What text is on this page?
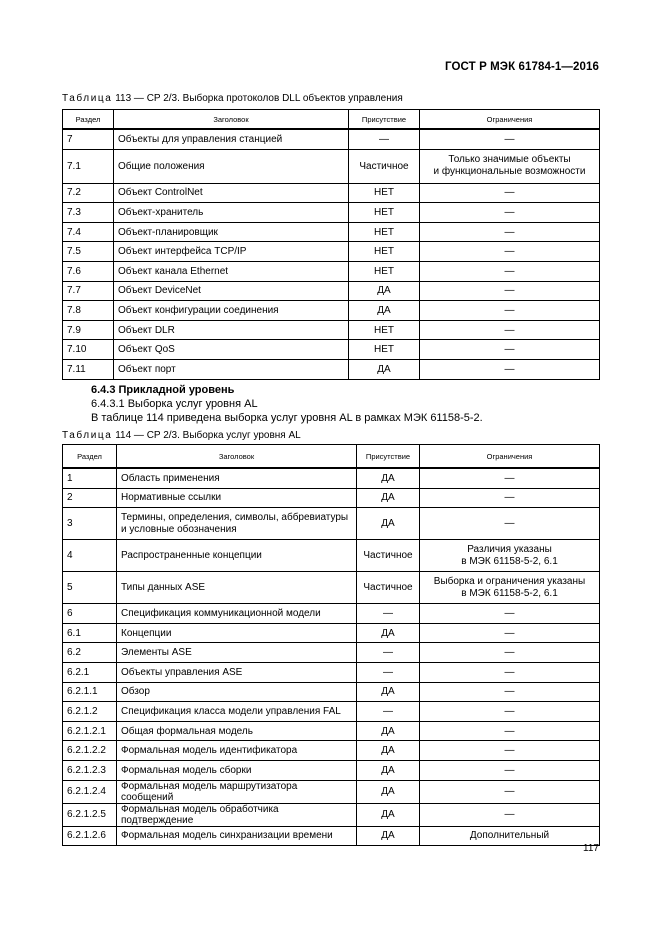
ГОСТ Р МЭК 61784-1—2016
Таблица 113 — CP 2/3. Выборка протоколов DLL объектов управления
Раздел	Заголовок	Присутствие	Ограничения
7	Объекты для управления станцией	—	—
7.1	Общие положения	Частичное	Только значимые объекты
и функциональные возможности
7.2	Объект ControlNet	НЕТ	—
7.3	Объект-хранитель	НЕТ	—
7.4	Объект-планировщик	НЕТ	—
7.5	Объект интерфейса TCP/IP	НЕТ	—
7.6	Объект канала Ethernet	НЕТ	—
7.7	Объект DeviceNet	ДА	—
7.8	Объект конфигурации соединения	ДА	—
7.9	Объект DLR	НЕТ	—
7.10	Объект QoS	НЕТ	—
7.11	Объект порт	ДА	—
6.4.3 Прикладной уровень
6.4.3.1 Выборка услуг уровня AL
В таблице 114 приведена выборка услуг уровня AL в рамках МЭК 61158-5-2.
Таблица 114 — CP 2/3. Выборка услуг уровня AL
Раздел	Заголовок	Присутствие	Ограничения
1	Область применения	ДА	—
2	Нормативные ссылки	ДА	—
3	Термины, определения, символы, аббревиатуры
и условные обозначения	ДА	—
4	Распространенные концепции	Частичное	Различия указаны
в МЭК 61158-5-2, 6.1
5	Типы данных ASE	Частичное	Выборка и ограничения указаны
в МЭК 61158-5-2, 6.1
6	Спецификация коммуникационной модели	—	—
6.1	Концепции	ДА	—
6.2	Элементы ASE	—	—
6.2.1	Объекты управления ASE	—	—
6.2.1.1	Обзор	ДА	—
6.2.1.2	Спецификация класса модели управления FAL	—	—
6.2.1.2.1	Общая формальная модель	ДА	—
6.2.1.2.2	Формальная модель идентификатора	ДА	—
6.2.1.2.3	Формальная модель сборки	ДА	—
6.2.1.2.4	Формальная модель маршрутизатора сообщений	ДА	—
6.2.1.2.5	Формальная модель обработчика подтверждение	ДА	—
6.2.1.2.6	Формальная модель синхранизации времени	ДА	Дополнительный
117
